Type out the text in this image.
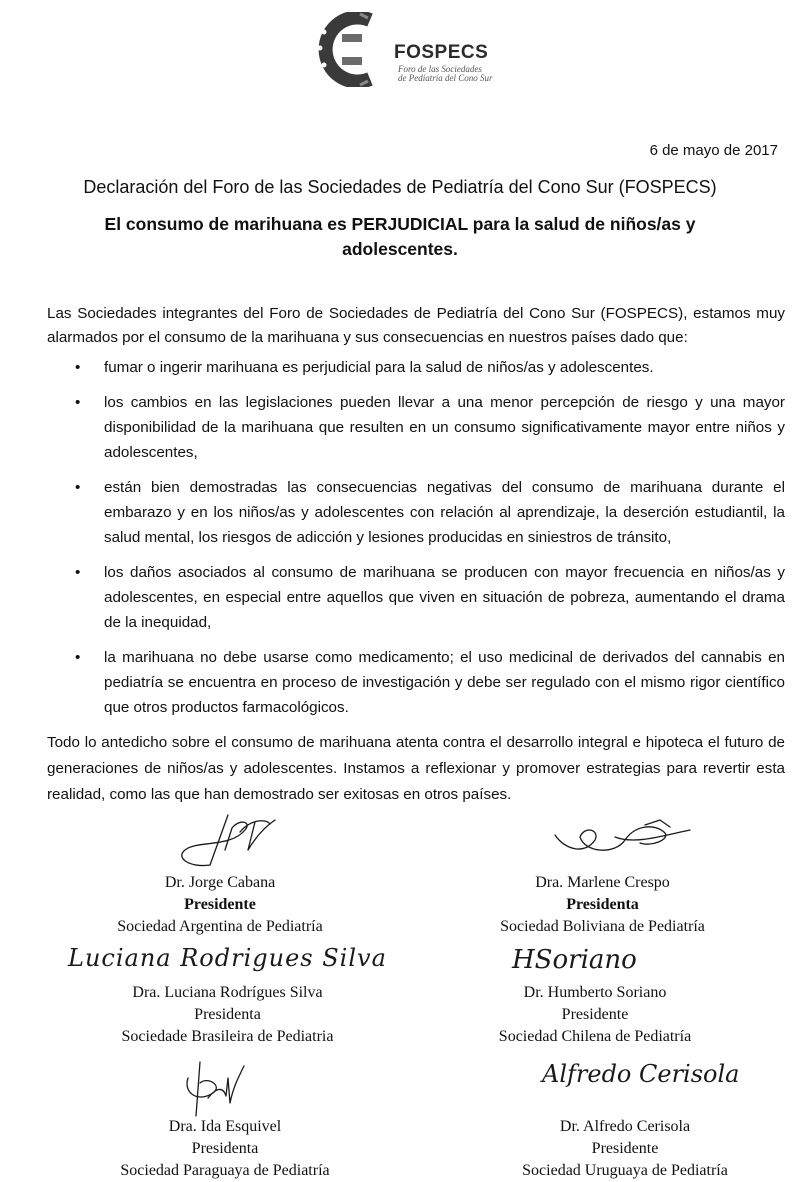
FOSPECS
Foro de las Sociedades
de Pediatría del Cono Sur
6 de mayo de 2017
Declaración del Foro de las Sociedades de Pediatría del Cono Sur (FOSPECS)
El consumo de marihuana es PERJUDICIAL para la salud de niños/as y
adolescentes.
Las Sociedades integrantes del Foro de Sociedades de Pediatría del Cono Sur (FOSPECS), estamos muy alarmados por el consumo de la marihuana y sus consecuencias en nuestros países dado que:
• fumar o ingerir marihuana es perjudicial para la salud de niños/as y adolescentes.
• los cambios en las legislaciones pueden llevar a una menor percepción de riesgo y una mayor disponibilidad de la marihuana que resulten en un consumo significativamente mayor entre niños y adolescentes,
• están bien demostradas las consecuencias negativas del consumo de marihuana durante el embarazo y en los niños/as y adolescentes con relación al aprendizaje, la deserción estudiantil, la salud mental, los riesgos de adicción y lesiones producidas en siniestros de tránsito,
• los daños asociados al consumo de marihuana se producen con mayor frecuencia en niños/as y adolescentes, en especial entre aquellos que viven en situación de pobreza, aumentando el drama de la inequidad,
• la marihuana no debe usarse como medicamento; el uso medicinal de derivados del cannabis en pediatría se encuentra en proceso de investigación y debe ser regulado con el mismo rigor científico que otros productos farmacológicos.
Todo lo antedicho sobre el consumo de marihuana atenta contra el desarrollo integral e hipoteca el futuro de generaciones de niños/as y adolescentes. Instamos a reflexionar y promover estrategias para revertir esta realidad, como las que han demostrado ser exitosas en otros países.
Dr. Jorge Cabana
Presidente
Sociedad Argentina de Pediatría
Dra. Marlene Crespo
Presidenta
Sociedad Boliviana de Pediatría
Luciana Rodrigues Silva
Dra. Luciana Rodrígues Silva
Presidenta
Sociedade Brasileira de Pediatria
HSoriano
Dr. Humberto Soriano
Presidente
Sociedad Chilena de Pediatría
Dra. Ida Esquivel
Presidenta
Sociedad Paraguaya de Pediatría
Alfredo Cerisola
Dr. Alfredo Cerisola
Presidente
Sociedad Uruguaya de Pediatría
